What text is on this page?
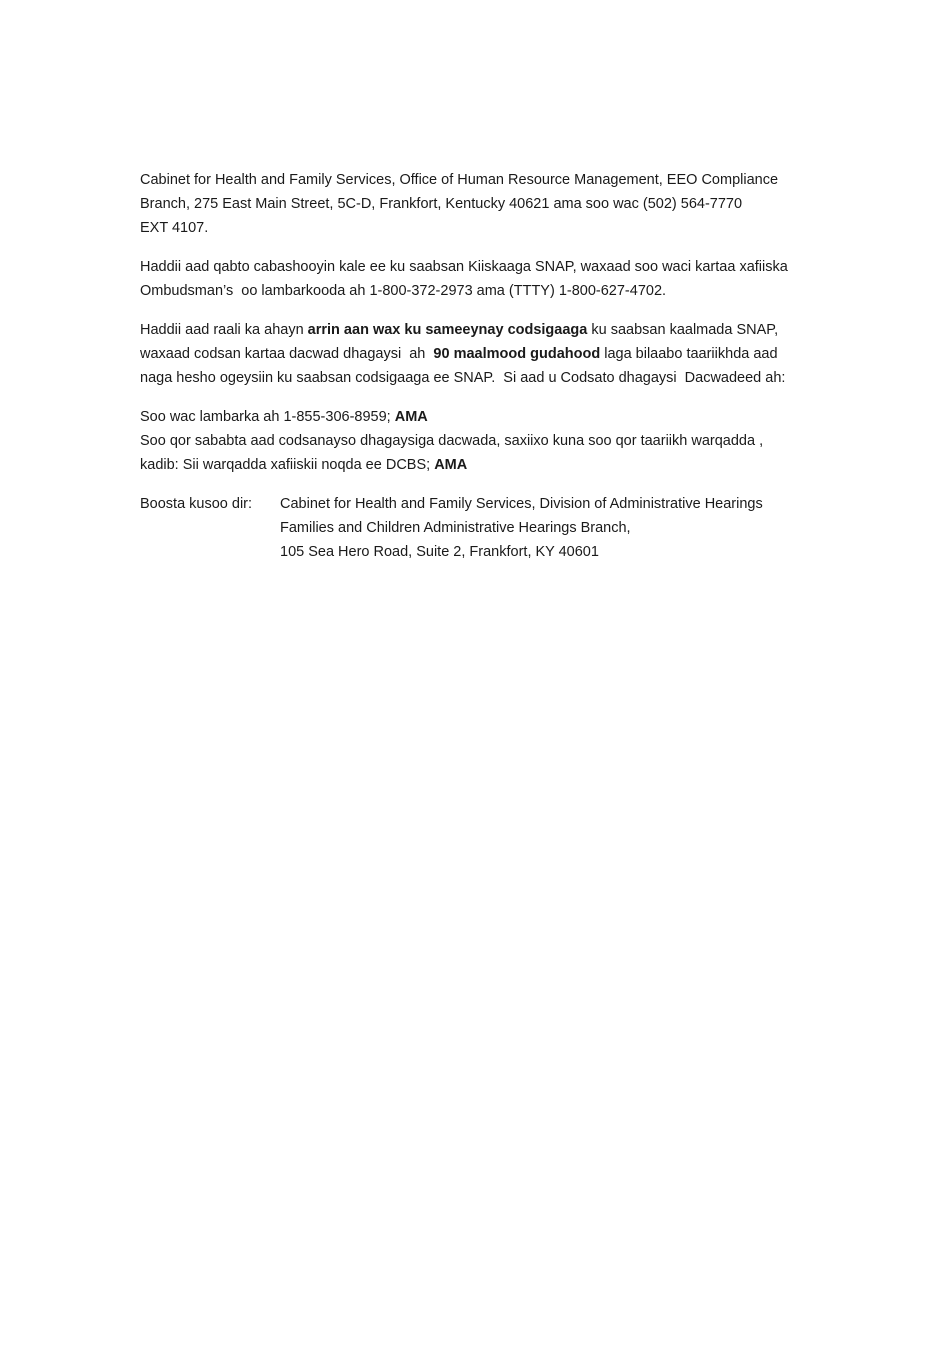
Cabinet for Health and Family Services, Office of Human Resource Management, EEO Compliance
Branch, 275 East Main Street, 5C-D, Frankfort, Kentucky 40621 ama soo wac (502) 564-7770
EXT 4107.

Haddii aad qabto cabashooyin kale ee ku saabsan Kiiskaaga SNAP, waxaad soo waci kartaa xafiiska
Ombudsman’s  oo lambarkooda ah 1-800-372-2973 ama (TTTY) 1-800-627-4702.

Haddii aad raali ka ahayn arrin aan wax ku sameeynay codsigaaga ku saabsan kaalmada SNAP,
waxaad codsan kartaa dacwad dhagaysi  ah  90 maalmood gudahood laga bilaabo taariikhda aad
naga hesho ogeysiin ku saabsan codsigaaga ee SNAP.  Si aad u Codsato dhagaysi  Dacwadeed ah:

Soo wac lambarka ah 1-855-306-8959; AMA
Soo qor sababta aad codsanayso dhagaysiga dacwada, saxiixo kuna soo qor taariikh warqadda ,
kadib: Sii warqadda xafiiskii noqda ee DCBS; AMA

Boosta kusoo dir:	Cabinet for Health and Family Services, Division of Administrative Hearings
Families and Children Administrative Hearings Branch,
105 Sea Hero Road, Suite 2, Frankfort, KY 40601
